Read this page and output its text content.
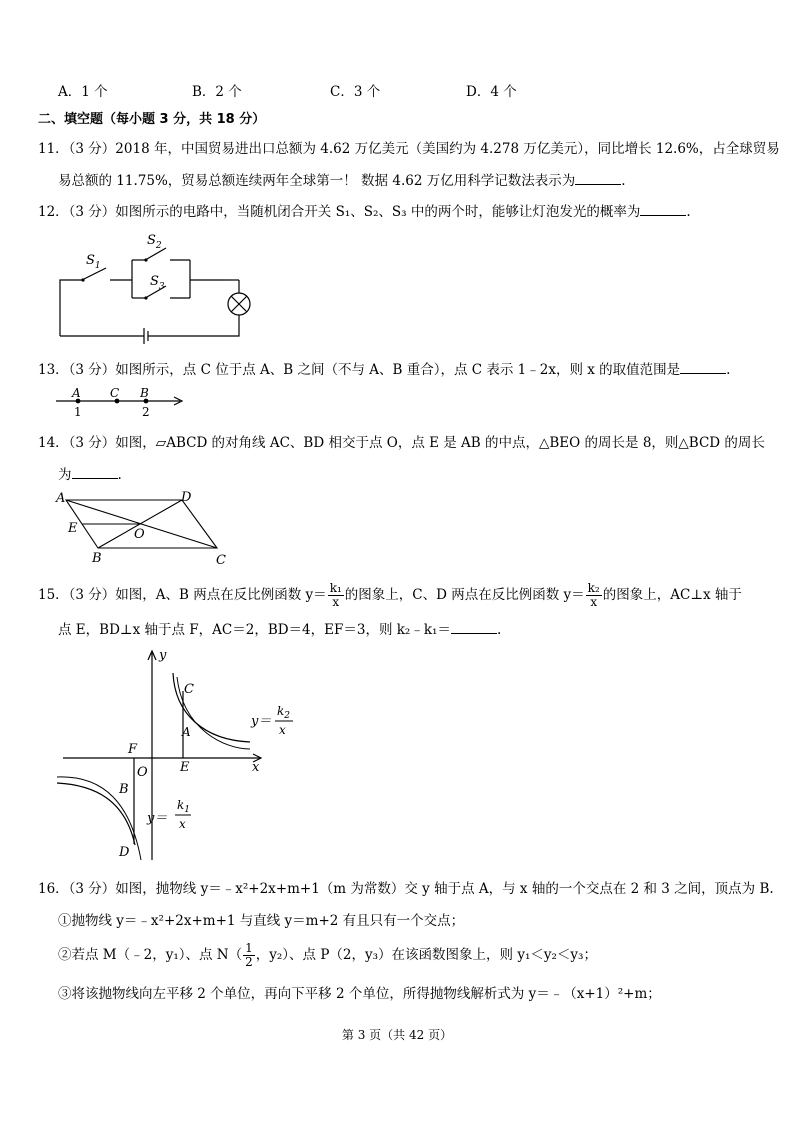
A．1 个	B．2 个	C．3 个	D．4 个
二、填空题（每小题 3 分，共 18 分）
11．（3 分）2018 年，中国贸易进出口总额为 4.62 万亿美元（美国约为 4.278 万亿美元），同比增长 12.6%，占全球贸易
易总额的 11.75%，贸易总额连续两年全球第一！ 数据 4.62 万亿用科学记数法表示为	.
12．（3 分）如图所示的电路中，当随机闭合开关 S₁、S₂、S₃ 中的两个时，能够让灯泡发光的概率为	.
$S_1$
$S_2$
$S_3$
13．（3 分）如图所示，点 C 位于点 A、B 之间（不与 A、B 重合），点 C 表示 1﹣2x，则 x 的取值范围是	.
A C B
1	2
14．（3 分）如图，▱ABCD 的对角线 AC、BD 相交于点 O，点 E 是 AB 的中点，△BEO 的周长是 8，则△BCD 的周长
为	.
A	D
E	O
B	C
15．（3 分）如图，A、B 两点在反比例函数 $y= \frac{\text{k₁}}{x}$ 的图象上，C、D 两点在反比例函数 $y= \frac{\text{k₂}}{x}$ 的图象上，AC⊥x 轴于
点 E，BD⊥x 轴于点 F，AC＝2，BD＝4，EF＝3，则 k₂﹣k₁＝	.
y
x
C
A
F
O E
B
D
y＝
$k_2$
x
y＝
$k_1$
x
16．（3 分）如图，抛物线 y＝﹣x²+2x+m+1（m 为常数）交 y 轴于点 A，与 x 轴的一个交点在 2 和 3 之间，顶点为 B.
①抛物线 y＝﹣x²+2x+m+1 与直线 y＝m+2 有且只有一个交点；
②若点 M（﹣2，y₁）、点 $N( \frac{1}{2}$ ，y₂）、点 P（2，y₃）在该函数图象上，则 y₁＜y₂＜y₃；
③将该抛物线向左平移 2 个单位，再向下平移 2 个单位，所得抛物线解析式为 y＝﹣（x+1）²+m；
第 3 页（共 42 页）
